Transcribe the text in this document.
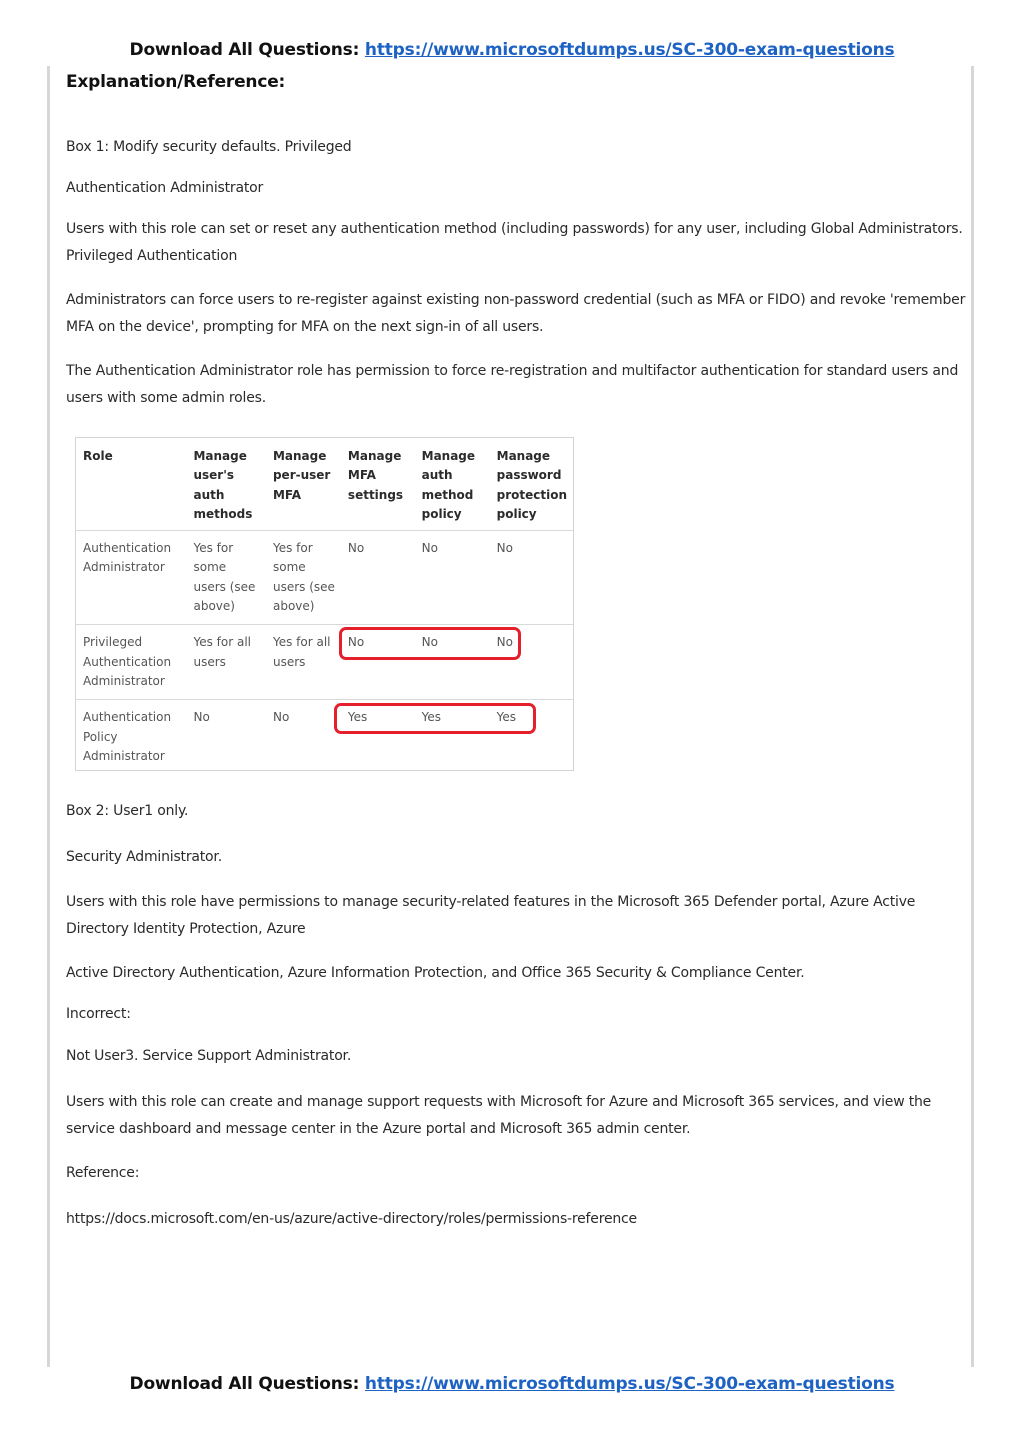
Download All Questions: https://www.microsoftdumps.us/SC-300-exam-questions
Explanation/Reference:
Box 1: Modify security defaults. Privileged
Authentication Administrator
Users with this role can set or reset any authentication method (including passwords) for any user, including Global Administrators. Privileged Authentication
Administrators can force users to re-register against existing non-password credential (such as MFA or FIDO) and revoke 'remember MFA on the device', prompting for MFA on the next sign-in of all users.
The Authentication Administrator role has permission to force re-registration and multifactor authentication for standard users and users with some admin roles.
Role	Manage user's auth methods	Manage per-user MFA	Manage MFA settings	Manage auth method policy	Manage password protection policy
Authentication Administrator	Yes for some users (see above)	Yes for some users (see above)	No	No	No
Privileged Authentication Administrator	Yes for all users	Yes for all users	No	No	No
Authentication Policy Administrator	No	No	Yes	Yes	Yes
Box 2: User1 only.
Security Administrator.
Users with this role have permissions to manage security-related features in the Microsoft 365 Defender portal, Azure Active Directory Identity Protection, Azure
Active Directory Authentication, Azure Information Protection, and Office 365 Security & Compliance Center.
Incorrect:
Not User3. Service Support Administrator.
Users with this role can create and manage support requests with Microsoft for Azure and Microsoft 365 services, and view the service dashboard and message center in the Azure portal and Microsoft 365 admin center.
Reference:
https://docs.microsoft.com/en-us/azure/active-directory/roles/permissions-reference
Download All Questions: https://www.microsoftdumps.us/SC-300-exam-questions
